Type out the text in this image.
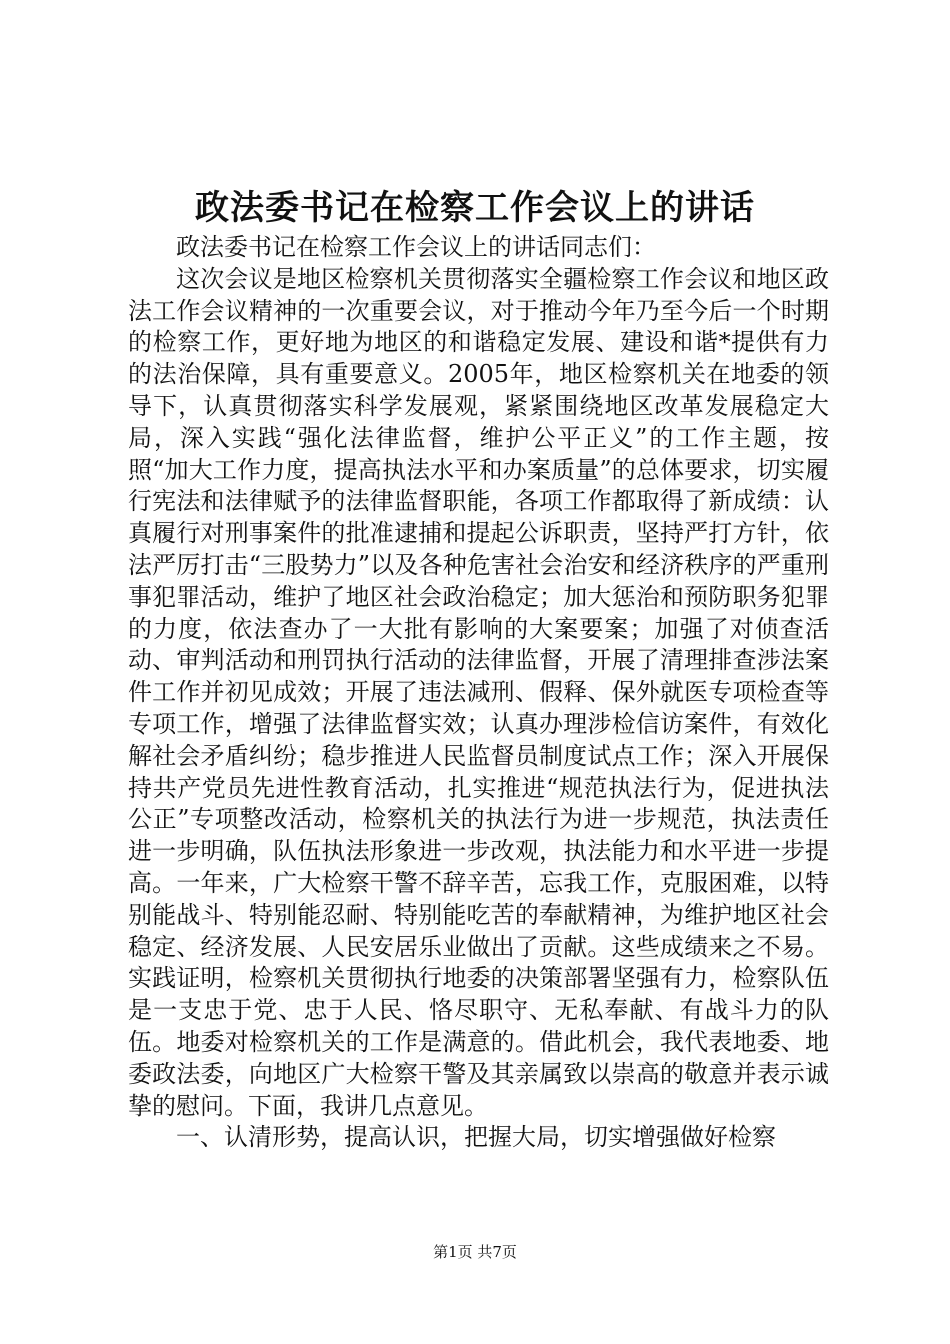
政法委书记在检察工作会议上的讲话

政法委书记在检察工作会议上的讲话同志们：

这次会议是地区检察机关贯彻落实全疆检察工作会议和地区政法工作会议精神的一次重要会议，对于推动今年乃至今后一个时期的检察工作，更好地为地区的和谐稳定发展、建设和谐*提供有力的法治保障，具有重要意义。2005年，地区检察机关在地委的领导下，认真贯彻落实科学发展观，紧紧围绕地区改革发展稳定大局，深入实践“强化法律监督，维护公平正义”的工作主题，按照“加大工作力度，提高执法水平和办案质量”的总体要求，切实履行宪法和法律赋予的法律监督职能，各项工作都取得了新成绩：认真履行对刑事案件的批准逮捕和提起公诉职责，坚持严打方针，依法严厉打击“三股势力”以及各种危害社会治安和经济秩序的严重刑事犯罪活动，维护了地区社会政治稳定；加大惩治和预防职务犯罪的力度，依法查办了一大批有影响的大案要案；加强了对侦查活动、审判活动和刑罚执行活动的法律监督，开展了清理排查涉法案件工作并初见成效；开展了违法减刑、假释、保外就医专项检查等专项工作，增强了法律监督实效；认真办理涉检信访案件，有效化解社会矛盾纠纷；稳步推进人民监督员制度试点工作；深入开展保持共产党员先进性教育活动，扎实推进“规范执法行为，促进执法公正”专项整改活动，检察机关的执法行为进一步规范，执法责任进一步明确，队伍执法形象进一步改观，执法能力和水平进一步提高。一年来，广大检察干警不辞辛苦，忘我工作，克服困难，以特别能战斗、特别能忍耐、特别能吃苦的奉献精神，为维护地区社会稳定、经济发展、人民安居乐业做出了贡献。这些成绩来之不易。实践证明，检察机关贯彻执行地委的决策部署坚强有力，检察队伍是一支忠于党、忠于人民、恪尽职守、无私奉献、有战斗力的队伍。地委对检察机关的工作是满意的。借此机会，我代表地委、地委政法委，向地区广大检察干警及其亲属致以崇高的敬意并表示诚挚的慰问。下面，我讲几点意见。

一、认清形势，提高认识，把握大局，切实增强做好检察

第1页 共7页
